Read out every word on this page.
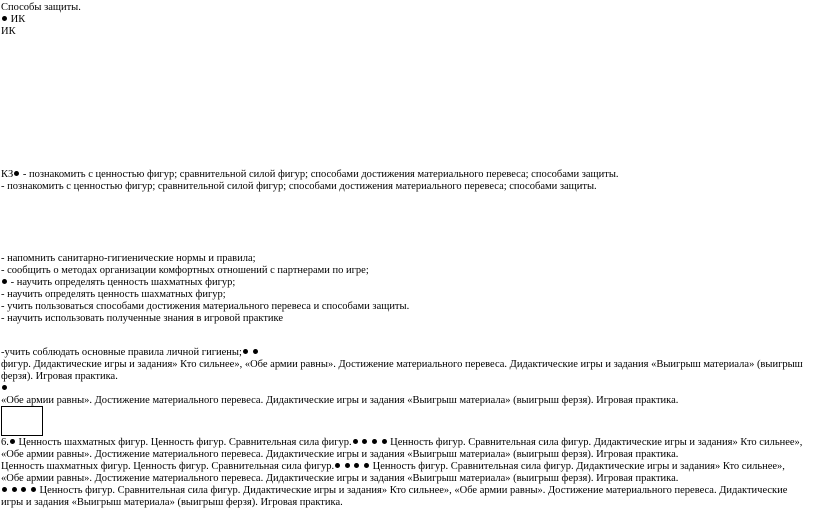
Способы защиты.
ИК
ИК
КЗ - познакомить с ценностью фигур; сравнительной силой фигур; способами достижения материального перевеса; способами защиты.
- познакомить с ценностью фигур; сравнительной силой фигур; способами достижения материального перевеса; способами защиты.
- напомнить санитарно-гигиенические нормы и правила;
- сообщить о методах организации комфортных отношений с партнерами по игре;
- научить определять ценность шахматных фигур;
- научить определять ценность шахматных фигур;
- учить пользоваться способами достижения материального перевеса и способами защиты.
- научить использовать полученные знания в игровой практике
-учить соблюдать основные правила личной гигиены;
фигур. Дидактические игры и задания» Кто сильнее», «Обе армии равны». Достижение материального перевеса. Дидактические игры и задания «Выигрыш материала» (выигрыш ферзя). Игровая практика.
«Обе армии равны». Достижение материального перевеса. Дидактические игры и задания «Выигрыш материала» (выигрыш ферзя). Игровая практика.
6. Ценность шахматных фигур. Ценность фигур. Сравнительная сила фигур.	Ценность фигур. Сравнительная сила фигур. Дидактические игры и задания» Кто сильнее», «Обе армии равны». Достижение материального перевеса. Дидактические игры и задания «Выигрыш материала» (выигрыш ферзя). Игровая практика.
Ценность шахматных фигур. Ценность фигур. Сравнительная сила фигур.	Ценность фигур. Сравнительная сила фигур. Дидактические игры и задания» Кто сильнее», «Обе армии равны». Достижение материального перевеса. Дидактические игры и задания «Выигрыш материала» (выигрыш ферзя). Игровая практика.
Ценность фигур. Сравнительная сила фигур. Дидактические игры и задания» Кто сильнее», «Обе армии равны». Достижение материального перевеса. Дидактические игры и задания «Выигрыш материала» (выигрыш ферзя). Игровая практика.
